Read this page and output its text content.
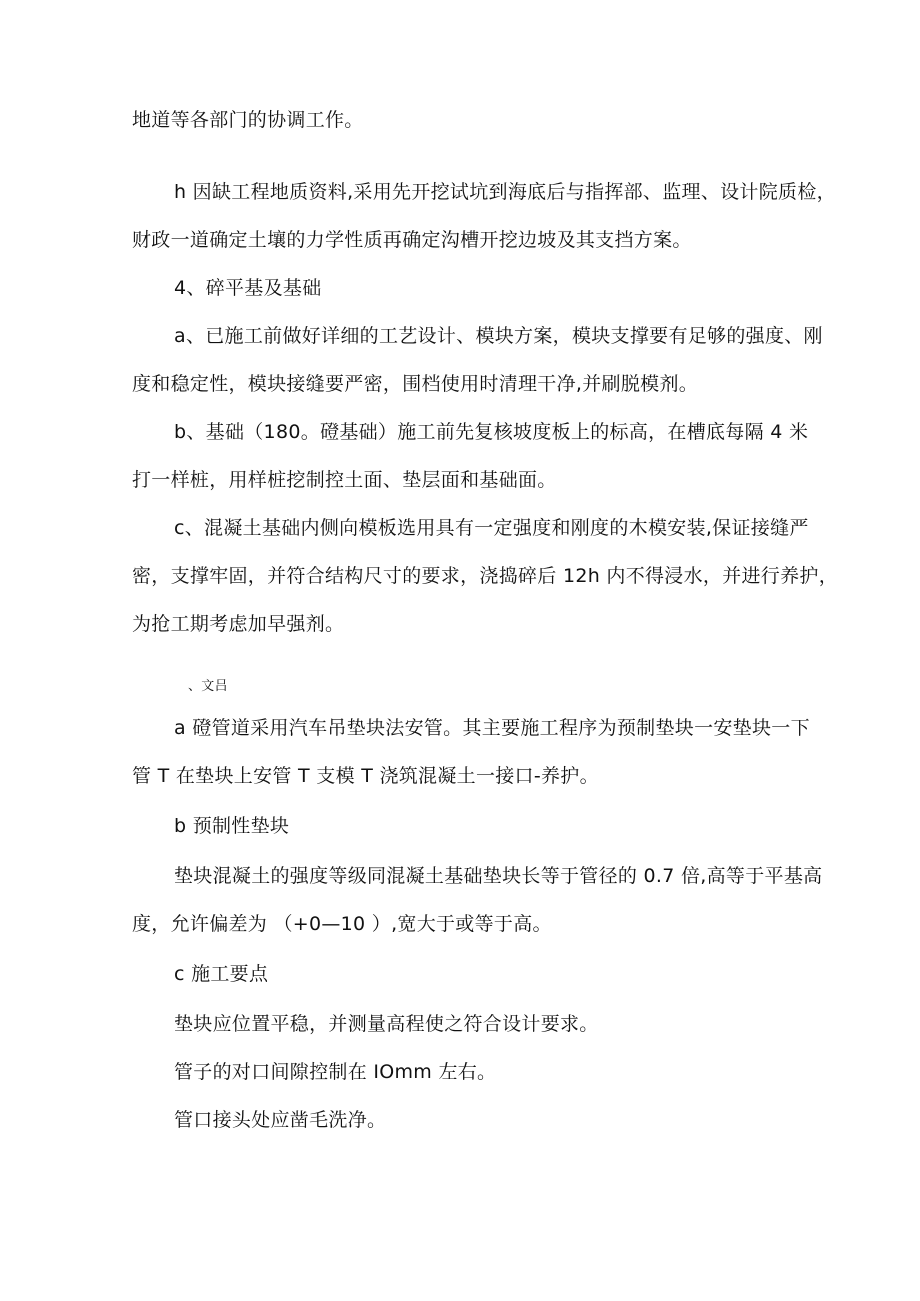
地道等各部门的协调工作。
h 因缺工程地质资料,采用先开挖试坑到海底后与指挥部、监理、设计院质检，
财政一道确定土壤的力学性质再确定沟槽开挖边坡及其支挡方案。
4、碎平基及基础
a、已施工前做好详细的工艺设计、模块方案，模块支撑要有足够的强度、刚
度和稳定性，模块接缝要严密，围档使用时清理干净,并刷脱模剂。
b、基础（180。磴基础）施工前先复核坡度板上的标高，在槽底每隔 4 米
打一样桩，用样桩挖制控土面、垫层面和基础面。
c、混凝土基础内侧向模板选用具有一定强度和刚度的木模安装,保证接缝严
密，支撑牢固，并符合结构尺寸的要求，浇捣碎后 12h 内不得浸水，并进行养护，
为抢工期考虑加早强剂。
、文吕
a 磴管道采用汽车吊垫块法安管。其主要施工程序为预制垫块一安垫块一下
管 T 在垫块上安管 T 支模 T 浇筑混凝土一接口-养护。
b 预制性垫块
垫块混凝土的强度等级同混凝土基础垫块长等于管径的 0.7 倍,高等于平基高
度，允许偏差为 （+0—10 ）,宽大于或等于高。
c 施工要点
垫块应位置平稳，并测量高程使之符合设计要求。
管子的对口间隙控制在 IOmm 左右。
管口接头处应凿毛洗净。
